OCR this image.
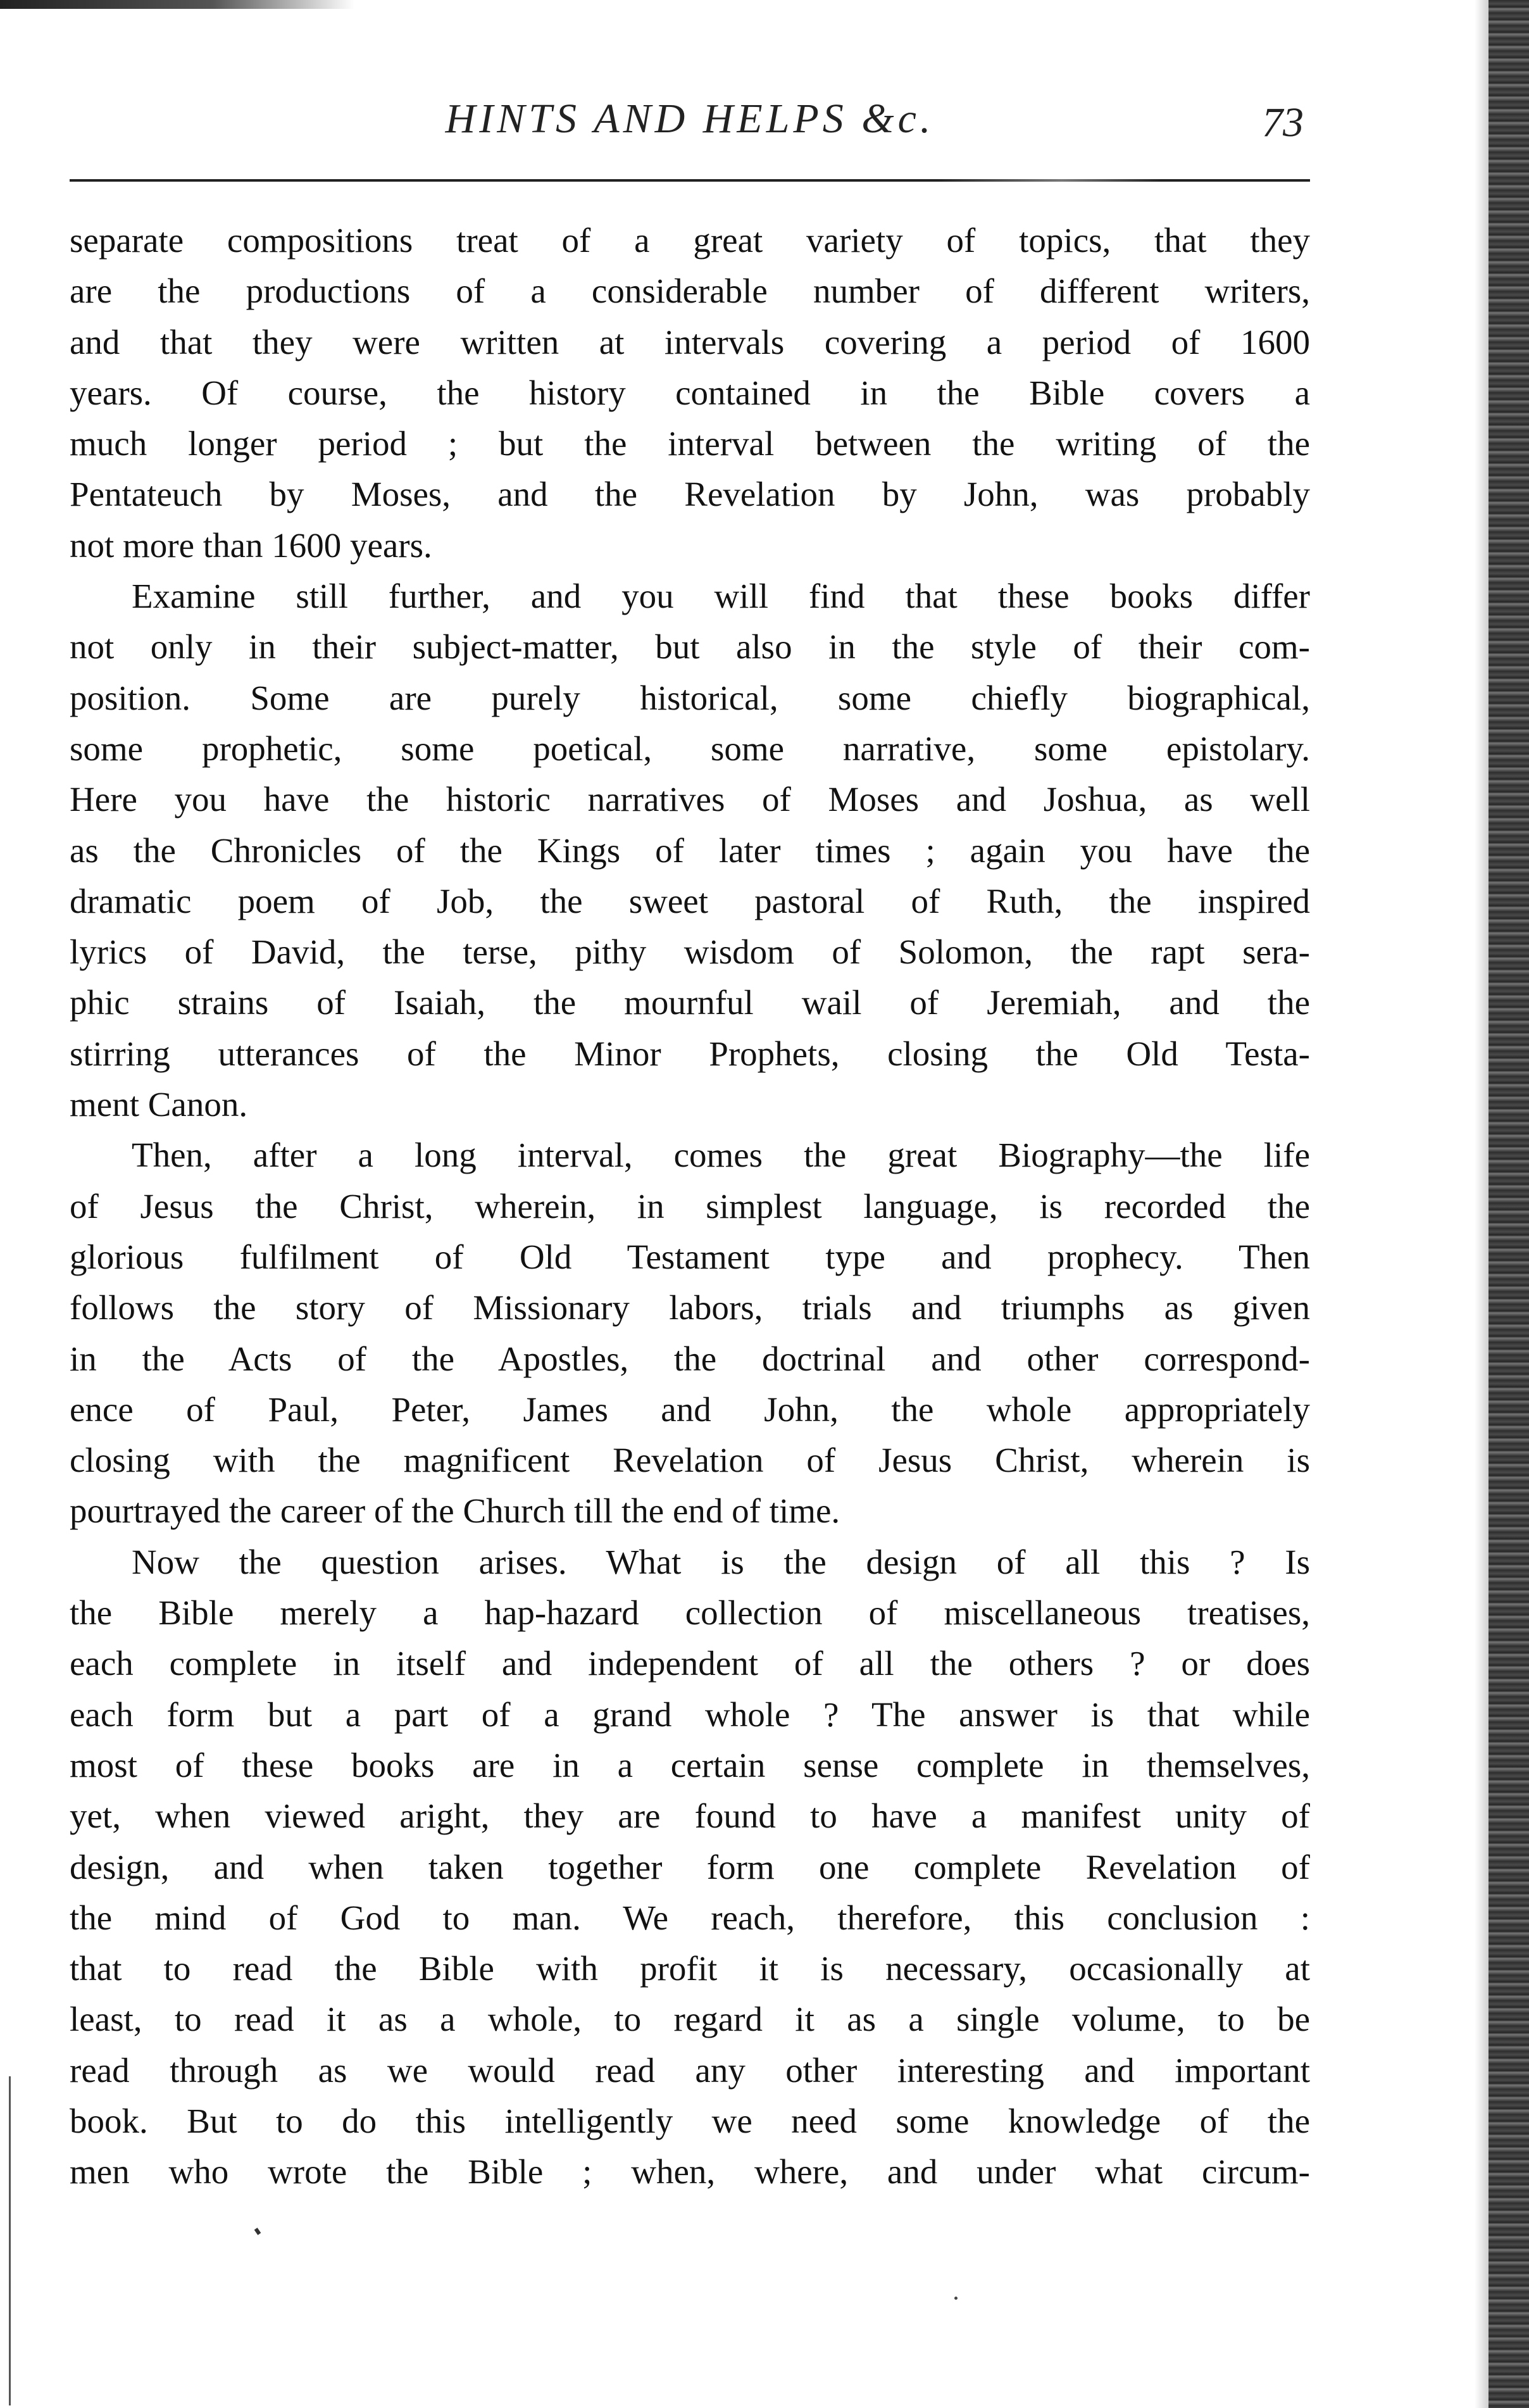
HINTS AND HELPS &c.	73
separate compositions treat of a great variety of topics, that they
are the productions of a considerable number of different writers,
and that they were written at intervals covering a period of 1600
years. Of course, the history contained in the Bible covers a
much longer period ; but the interval between the writing of the
Pentateuch by Moses, and the Revelation by John, was probably
not more than 1600 years.
Examine still further, and you will find that these books differ
not only in their subject-matter, but also in the style of their com-
position. Some are purely historical, some chiefly biographical,
some prophetic, some poetical, some narrative, some epistolary.
Here you have the historic narratives of Moses and Joshua, as well
as the Chronicles of the Kings of later times ; again you have the
dramatic poem of Job, the sweet pastoral of Ruth, the inspired
lyrics of David, the terse, pithy wisdom of Solomon, the rapt sera-
phic strains of Isaiah, the mournful wail of Jeremiah, and the
stirring utterances of the Minor Prophets, closing the Old Testa-
ment Canon.
Then, after a long interval, comes the great Biography—the life
of Jesus the Christ, wherein, in simplest language, is recorded the
glorious fulfilment of Old Testament type and prophecy. Then
follows the story of Missionary labors, trials and triumphs as given
in the Acts of the Apostles, the doctrinal and other correspond-
ence of Paul, Peter, James and John, the whole appropriately
closing with the magnificent Revelation of Jesus Christ, wherein is
pourtrayed the career of the Church till the end of time.
Now the question arises. What is the design of all this ? Is
the Bible merely a hap-hazard collection of miscellaneous treatises,
each complete in itself and independent of all the others ? or does
each form but a part of a grand whole ? The answer is that while
most of these books are in a certain sense complete in themselves,
yet, when viewed aright, they are found to have a manifest unity of
design, and when taken together form one complete Revelation of
the mind of God to man. We reach, therefore, this conclusion :
that to read the Bible with profit it is necessary, occasionally at
least, to read it as a whole, to regard it as a single volume, to be
read through as we would read any other interesting and important
book. But to do this intelligently we need some knowledge of the
men who wrote the Bible ; when, where, and under what circum-
